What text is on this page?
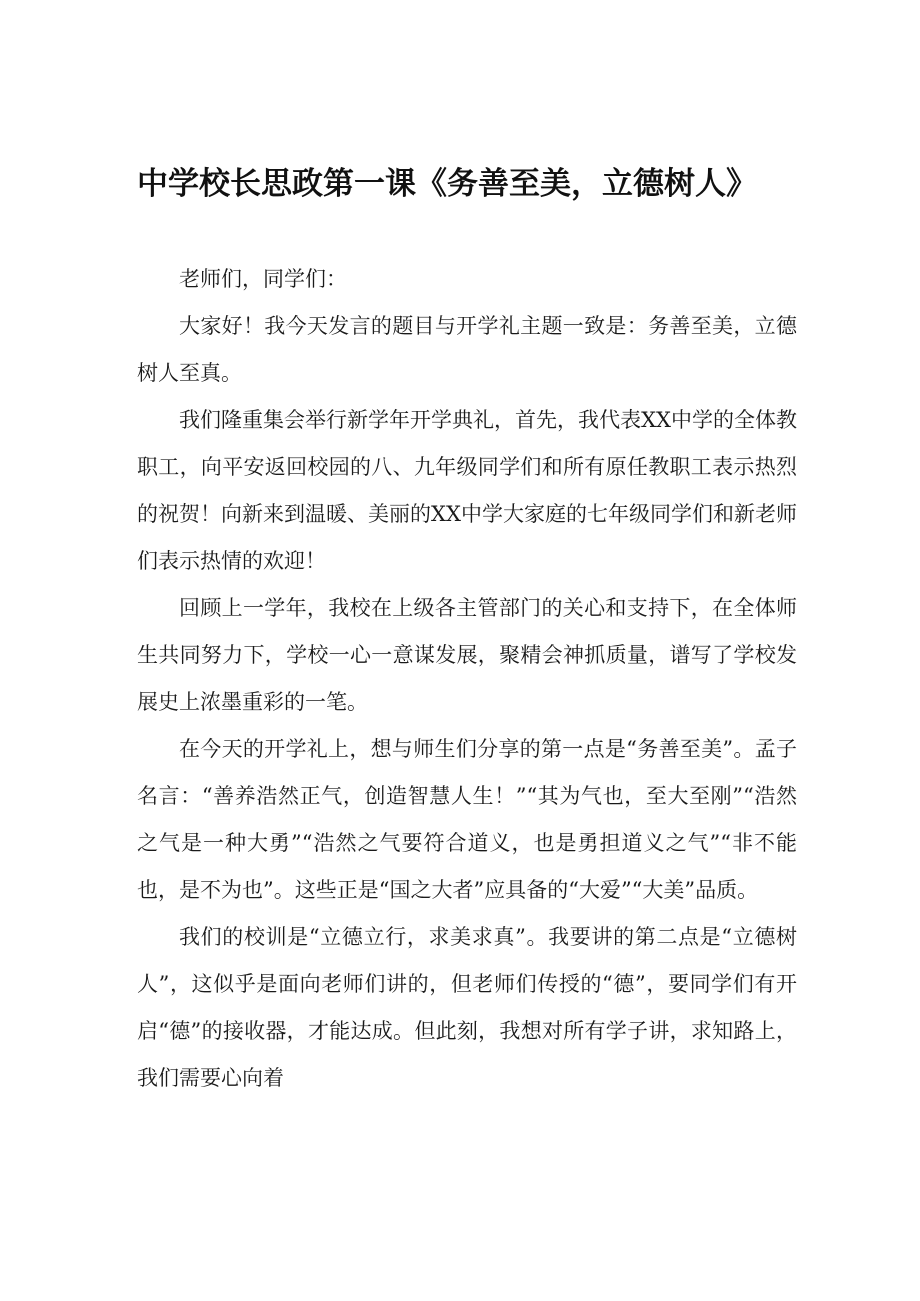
中学校长思政第一课《务善至美，立德树人》

老师们，同学们：

大家好！我今天发言的题目与开学礼主题一致是：务善至美，立德树人至真。

我们隆重集会举行新学年开学典礼，首先，我代表XX中学的全体教职工，向平安返回校园的八、九年级同学们和所有原任教职工表示热烈的祝贺！向新来到温暖、美丽的XX中学大家庭的七年级同学们和新老师们表示热情的欢迎！

回顾上一学年，我校在上级各主管部门的关心和支持下，在全体师生共同努力下，学校一心一意谋发展，聚精会神抓质量，谱写了学校发展史上浓墨重彩的一笔。

在今天的开学礼上，想与师生们分享的第一点是“务善至美”。孟子名言：“善养浩然正气，创造智慧人生！”“其为气也，至大至刚”“浩然之气是一种大勇”“浩然之气要符合道义，也是勇担道义之气”“非不能也，是不为也”。这些正是“国之大者”应具备的“大爱”“大美”品质。

我们的校训是“立德立行，求美求真”。我要讲的第二点是“立德树人”，这似乎是面向老师们讲的，但老师们传授的“德”，要同学们有开启“德”的接收器，才能达成。但此刻，我想对所有学子讲，求知路上，我们需要心向着
